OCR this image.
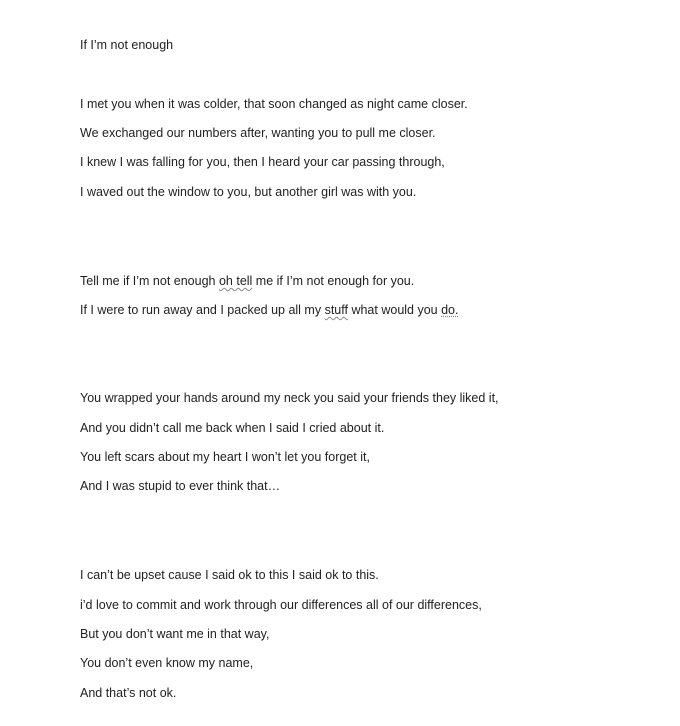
If I’m not enough
I met you when it was colder, that soon changed as night came closer.
We exchanged our numbers after, wanting you to pull me closer.
I knew I was falling for you, then I heard your car passing through,
I waved out the window to you, but another girl was with you.
Tell me if I’m not enough oh tell me if I’m not enough for you.
If I were to run away and I packed up all my stuff what would you do.
You wrapped your hands around my neck you said your friends they liked it,
And you didn’t call me back when I said I cried about it.
You left scars about my heart I won’t let you forget it,
And I was stupid to ever think that…
I can’t be upset cause I said ok to this I said ok to this.
i’d love to commit and work through our differences all of our differences,
But you don’t want me in that way,
You don’t even know my name,
And that’s not ok.
